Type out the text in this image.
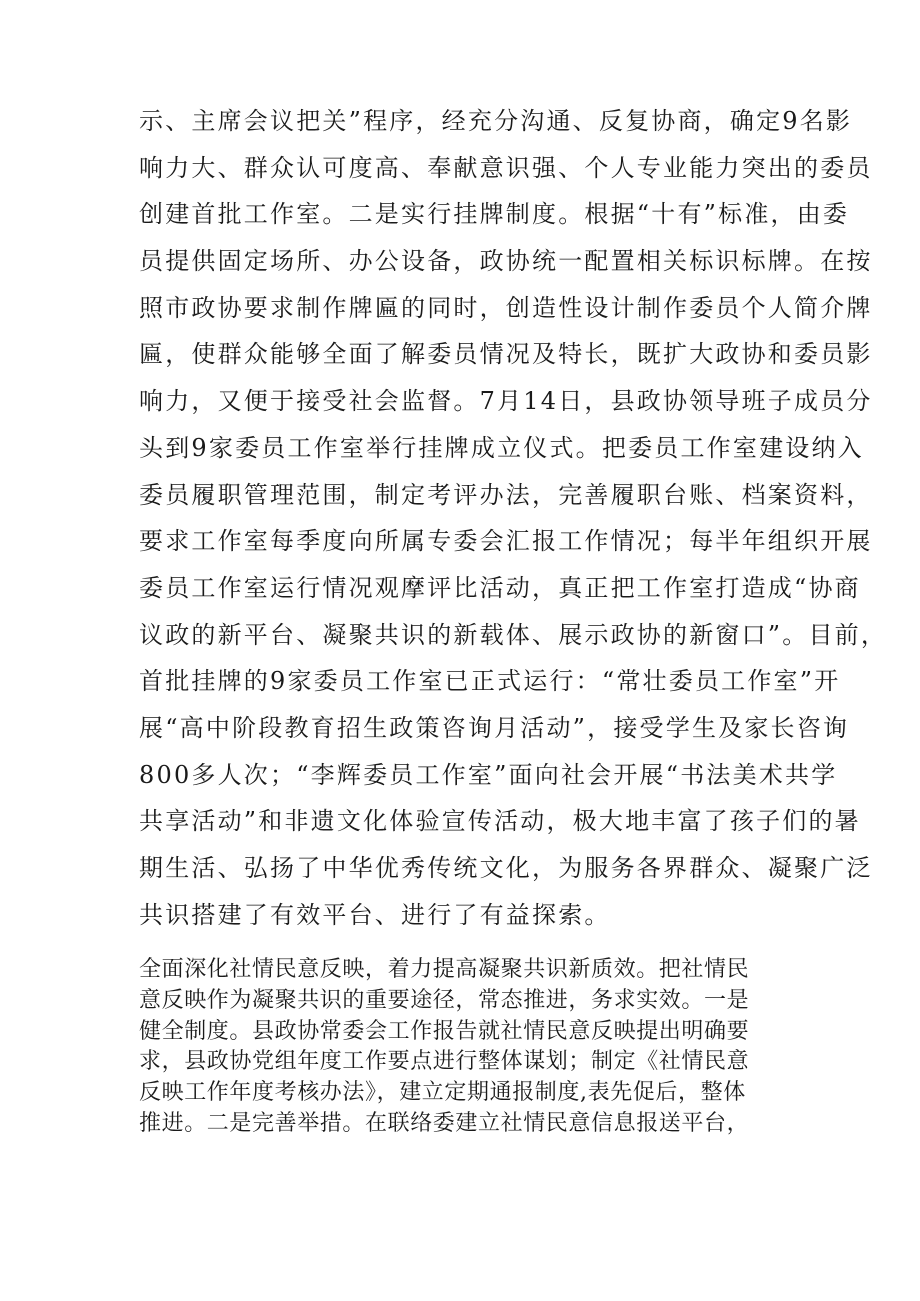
示、主席会议把关”程序，经充分沟通、反复协商，确定9名影
响力大、群众认可度高、奉献意识强、个人专业能力突出的委员
创建首批工作室。二是实行挂牌制度。根据“十有”标准，由委
员提供固定场所、办公设备，政协统一配置相关标识标牌。在按
照市政协要求制作牌匾的同时，创造性设计制作委员个人简介牌
匾，使群众能够全面了解委员情况及特长，既扩大政协和委员影
响力，又便于接受社会监督。7月14日，县政协领导班子成员分
头到9家委员工作室举行挂牌成立仪式。把委员工作室建设纳入
委员履职管理范围，制定考评办法，完善履职台账、档案资料，
要求工作室每季度向所属专委会汇报工作情况；每半年组织开展
委员工作室运行情况观摩评比活动，真正把工作室打造成“协商
议政的新平台、凝聚共识的新载体、展示政协的新窗口”。目前，
首批挂牌的9家委员工作室已正式运行：“常壮委员工作室”开
展“高中阶段教育招生政策咨询月活动”，接受学生及家长咨询
800多人次；“李辉委员工作室”面向社会开展“书法美术共学
共享活动”和非遗文化体验宣传活动，极大地丰富了孩子们的暑
期生活、弘扬了中华优秀传统文化，为服务各界群众、凝聚广泛
共识搭建了有效平台、进行了有益探索。
全面深化社情民意反映，着力提高凝聚共识新质效。把社情民
意反映作为凝聚共识的重要途径，常态推进，务求实效。一是
健全制度。县政协常委会工作报告就社情民意反映提出明确要
求，县政协党组年度工作要点进行整体谋划；制定《社情民意
反映工作年度考核办法》，建立定期通报制度,表先促后，整体
推进。二是完善举措。在联络委建立社情民意信息报送平台，
